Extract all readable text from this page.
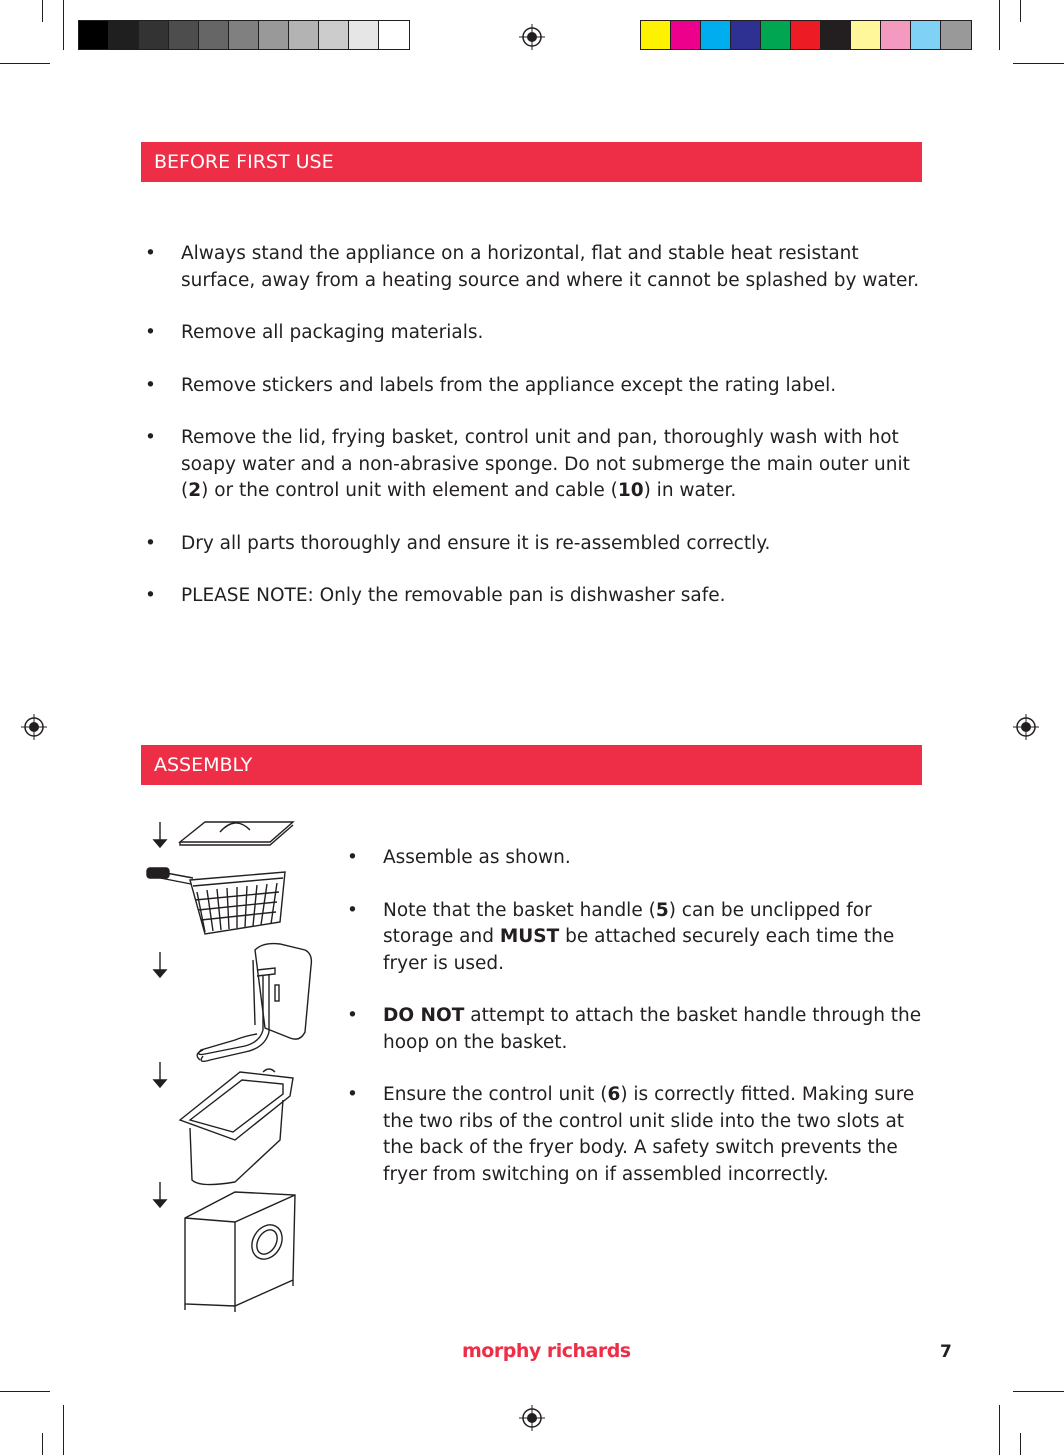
BEFORE FIRST USE
• Always stand the appliance on a horizontal, flat and stable heat resistant surface, away from a heating source and where it cannot be splashed by water.
• Remove all packaging materials.
• Remove stickers and labels from the appliance except the rating label.
• Remove the lid, frying basket, control unit and pan, thoroughly wash with hot soapy water and a non-abrasive sponge. Do not submerge the main outer unit (2) or the control unit with element and cable (10) in water.
• Dry all parts thoroughly and ensure it is re-assembled correctly.
• PLEASE NOTE: Only the removable pan is dishwasher safe.
ASSEMBLY
• Assemble as shown.
• Note that the basket handle (5) can be unclipped for storage and MUST be attached securely each time the fryer is used.
• DO NOT attempt to attach the basket handle through the hoop on the basket.
• Ensure the control unit (6) is correctly fitted. Making sure the two ribs of the control unit slide into the two slots at the back of the fryer body. A safety switch prevents the fryer from switching on if assembled incorrectly.
morphy richards	7
